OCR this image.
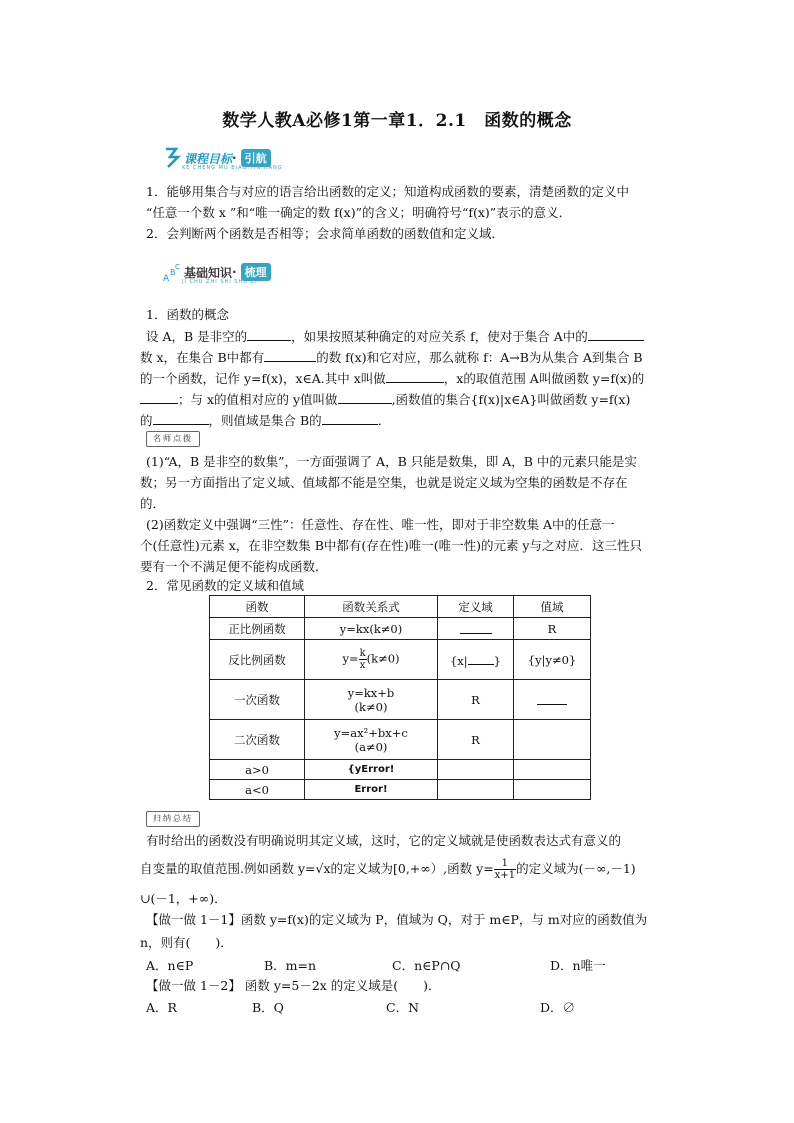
数学人教A必修1第一章1．2.1　函数的概念
课程目标 · 引航
KE CHENG MU BIAO YIN HANG
1．能够用集合与对应的语言给出函数的定义；知道构成函数的要素，清楚函数的定义中
“任意一个数 x ”和“唯一确定的数 f(x)”的含义；明确符号“f(x)”表示的意义．
2．会判断两个函数是否相等；会求简单函数的函数值和定义域．
A
B
C 基础知识 · 梳理
JI CHU ZHI SHI SHU LI
1．函数的概念
设 A，B 是非空的	，如果按照某种确定的对应关系 f，使对于集合 A中的
数 x，在集合 B中都有	的数 f(x)和它对应，那么就称 f：A→B为从集合 A到集合 B
的一个函数，记作 y=f(x)，x∈A.其中 x叫做	，x的取值范围 A叫做函数 y=f(x)的
；与 x的值相对应的 y值叫做	,函数值的集合{f(x)|x∈A}叫做函数 y=f(x)
的	，则值域是集合 B的	．
名师点拨
(1)“A，B 是非空的数集”，一方面强调了 A，B 只能是数集，即 A，B 中的元素只能是实
数；另一方面指出了定义域、值域都不能是空集，也就是说定义域为空集的函数是不存在
的．
(2)函数定义中强调“三性”：任意性、存在性、唯一性，即对于非空数集 A中的任意一
个(任意性)元素 x，在非空数集 B中都有(存在性)唯一(唯一性)的元素 y与之对应．这三性只
要有一个不满足便不能构成函数．
2．常见函数的定义域和值域
函数	函数关系式	定义域	值域
正比例函数	y=kx(k≠0)		R
反比例函数	$y= \frac{k}{x} (k\ne 0)$	{x| }	{y|y≠0}
一次函数	y=kx+b
(k≠0)	R	
二次函数	y=ax²+bx+c
(a≠0)	R	
a>0	{yError!		
a<0	Error!		
归纳总结
有时给出的函数没有明确说明其定义域，这时，它的定义域就是使函数表达式有意义的
自变量的取值范围.例如函数 y=√x的定义域为[0,+∞）,函数 $y= \frac{1}{x+1}$ 的定义域为(－∞,－1)
∪(－1，+∞)．
【做一做 1－1】函数 y=f(x)的定义域为 P，值域为 Q，对于 m∈P，与 m对应的函数值为
n，则有(　　)．
A．n∈P	B．m=n	C．n∈P∩Q	D．n唯一
【做一做 1－2】 函数 y=5－2x 的定义域是(　　)．
A．R	B．Q	C．N	D．∅
